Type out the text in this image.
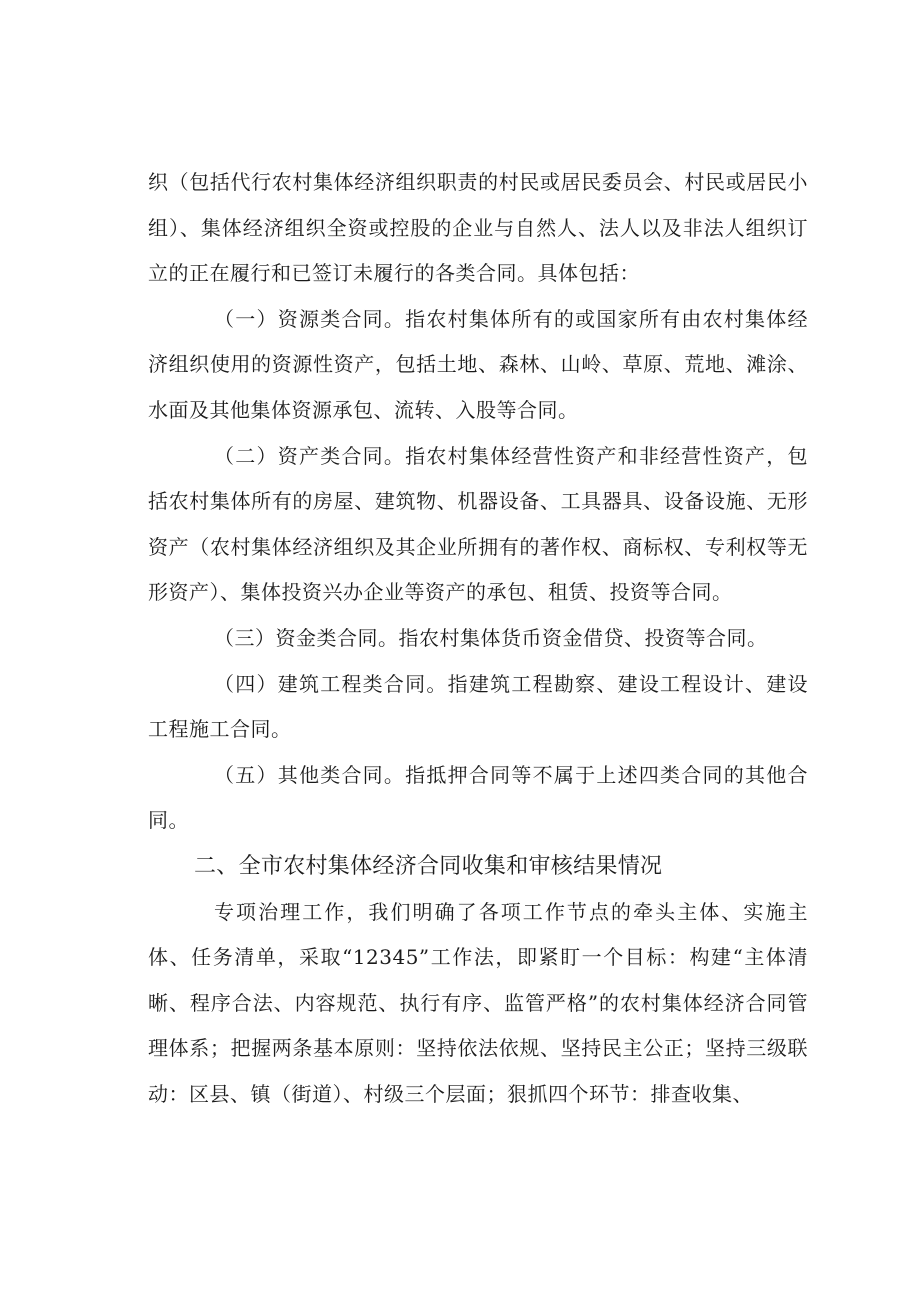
织（包括代行农村集体经济组织职责的村民或居民委员会、村民或居民小组）、集体经济组织全资或控股的企业与自然人、法人以及非法人组织订立的正在履行和已签订未履行的各类合同。具体包括：

（一）资源类合同。指农村集体所有的或国家所有由农村集体经济组织使用的资源性资产，包括土地、森林、山岭、草原、荒地、滩涂、水面及其他集体资源承包、流转、入股等合同。

（二）资产类合同。指农村集体经营性资产和非经营性资产，包括农村集体所有的房屋、建筑物、机器设备、工具器具、设备设施、无形资产（农村集体经济组织及其企业所拥有的著作权、商标权、专利权等无形资产）、集体投资兴办企业等资产的承包、租赁、投资等合同。

（三）资金类合同。指农村集体货币资金借贷、投资等合同。

（四）建筑工程类合同。指建筑工程勘察、建设工程设计、建设工程施工合同。

（五）其他类合同。指抵押合同等不属于上述四类合同的其他合同。

二、全市农村集体经济合同收集和审核结果情况

专项治理工作，我们明确了各项工作节点的牵头主体、实施主体、任务清单，采取“12345”工作法，即紧盯一个目标：构建“主体清晰、程序合法、内容规范、执行有序、监管严格”的农村集体经济合同管理体系；把握两条基本原则：坚持依法依规、坚持民主公正；坚持三级联动：区县、镇（街道）、村级三个层面；狠抓四个环节：排查收集、
